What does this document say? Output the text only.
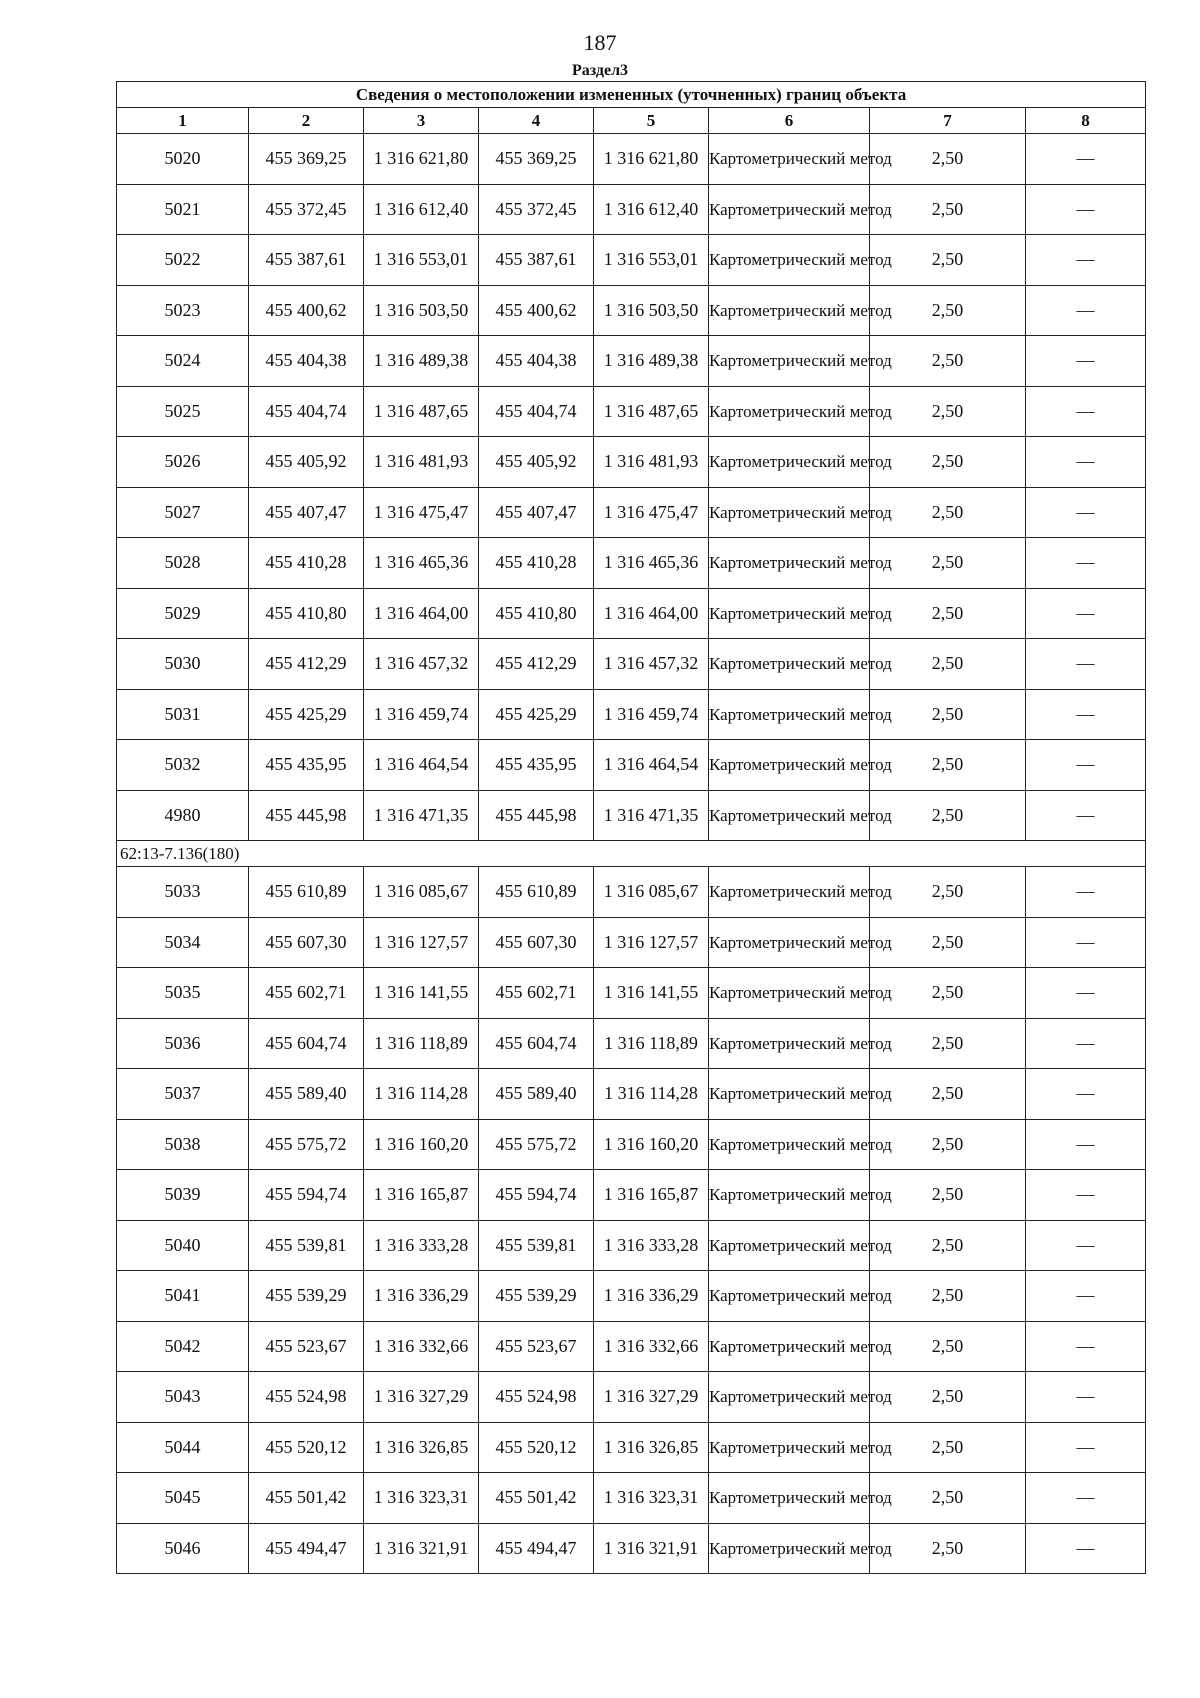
187
Раздел3
Сведения о местоположении измененных (уточненных) границ объекта							
1	2	3	4	5	6	7	8
5020	455 369,25	1 316 621,80	455 369,25	1 316 621,80	Картометрический метод	2,50	—
5021	455 372,45	1 316 612,40	455 372,45	1 316 612,40	Картометрический метод	2,50	—
5022	455 387,61	1 316 553,01	455 387,61	1 316 553,01	Картометрический метод	2,50	—
5023	455 400,62	1 316 503,50	455 400,62	1 316 503,50	Картометрический метод	2,50	—
5024	455 404,38	1 316 489,38	455 404,38	1 316 489,38	Картометрический метод	2,50	—
5025	455 404,74	1 316 487,65	455 404,74	1 316 487,65	Картометрический метод	2,50	—
5026	455 405,92	1 316 481,93	455 405,92	1 316 481,93	Картометрический метод	2,50	—
5027	455 407,47	1 316 475,47	455 407,47	1 316 475,47	Картометрический метод	2,50	—
5028	455 410,28	1 316 465,36	455 410,28	1 316 465,36	Картометрический метод	2,50	—
5029	455 410,80	1 316 464,00	455 410,80	1 316 464,00	Картометрический метод	2,50	—
5030	455 412,29	1 316 457,32	455 412,29	1 316 457,32	Картометрический метод	2,50	—
5031	455 425,29	1 316 459,74	455 425,29	1 316 459,74	Картометрический метод	2,50	—
5032	455 435,95	1 316 464,54	455 435,95	1 316 464,54	Картометрический метод	2,50	—
4980	455 445,98	1 316 471,35	455 445,98	1 316 471,35	Картометрический метод	2,50	—
62:13-7.136(180)							
5033	455 610,89	1 316 085,67	455 610,89	1 316 085,67	Картометрический метод	2,50	—
5034	455 607,30	1 316 127,57	455 607,30	1 316 127,57	Картометрический метод	2,50	—
5035	455 602,71	1 316 141,55	455 602,71	1 316 141,55	Картометрический метод	2,50	—
5036	455 604,74	1 316 118,89	455 604,74	1 316 118,89	Картометрический метод	2,50	—
5037	455 589,40	1 316 114,28	455 589,40	1 316 114,28	Картометрический метод	2,50	—
5038	455 575,72	1 316 160,20	455 575,72	1 316 160,20	Картометрический метод	2,50	—
5039	455 594,74	1 316 165,87	455 594,74	1 316 165,87	Картометрический метод	2,50	—
5040	455 539,81	1 316 333,28	455 539,81	1 316 333,28	Картометрический метод	2,50	—
5041	455 539,29	1 316 336,29	455 539,29	1 316 336,29	Картометрический метод	2,50	—
5042	455 523,67	1 316 332,66	455 523,67	1 316 332,66	Картометрический метод	2,50	—
5043	455 524,98	1 316 327,29	455 524,98	1 316 327,29	Картометрический метод	2,50	—
5044	455 520,12	1 316 326,85	455 520,12	1 316 326,85	Картометрический метод	2,50	—
5045	455 501,42	1 316 323,31	455 501,42	1 316 323,31	Картометрический метод	2,50	—
5046	455 494,47	1 316 321,91	455 494,47	1 316 321,91	Картометрический метод	2,50	—
